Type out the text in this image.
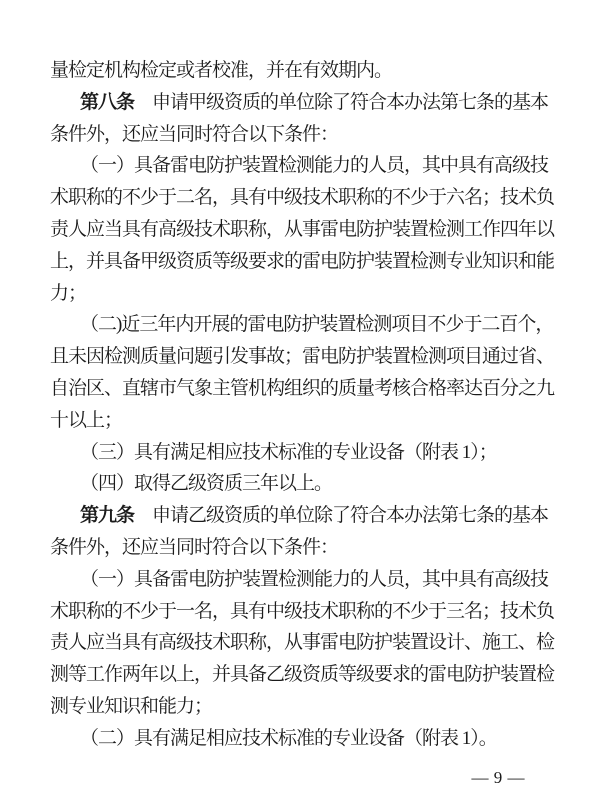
量检定机构检定或者校准，并在有效期内。
第八条　申请甲级资质的单位除了符合本办法第七条的基本
条件外，还应当同时符合以下条件：
（一）具备雷电防护装置检测能力的人员，其中具有高级技
术职称的不少于二名，具有中级技术职称的不少于六名；技术负
责人应当具有高级技术职称，从事雷电防护装置检测工作四年以
上，并具备甲级资质等级要求的雷电防护装置检测专业知识和能
力；
（二)近三年内开展的雷电防护装置检测项目不少于二百个，
且未因检测质量问题引发事故；雷电防护装置检测项目通过省、
自治区、直辖市气象主管机构组织的质量考核合格率达百分之九
十以上；
（三）具有满足相应技术标准的专业设备（附表 1）；
（四）取得乙级资质三年以上。
第九条　申请乙级资质的单位除了符合本办法第七条的基本
条件外，还应当同时符合以下条件：
（一）具备雷电防护装置检测能力的人员，其中具有高级技
术职称的不少于一名，具有中级技术职称的不少于三名；技术负
责人应当具有高级技术职称，从事雷电防护装置设计、施工、检
测等工作两年以上，并具备乙级资质等级要求的雷电防护装置检
测专业知识和能力；
（二）具有满足相应技术标准的专业设备（附表 1）。
— 9 —
